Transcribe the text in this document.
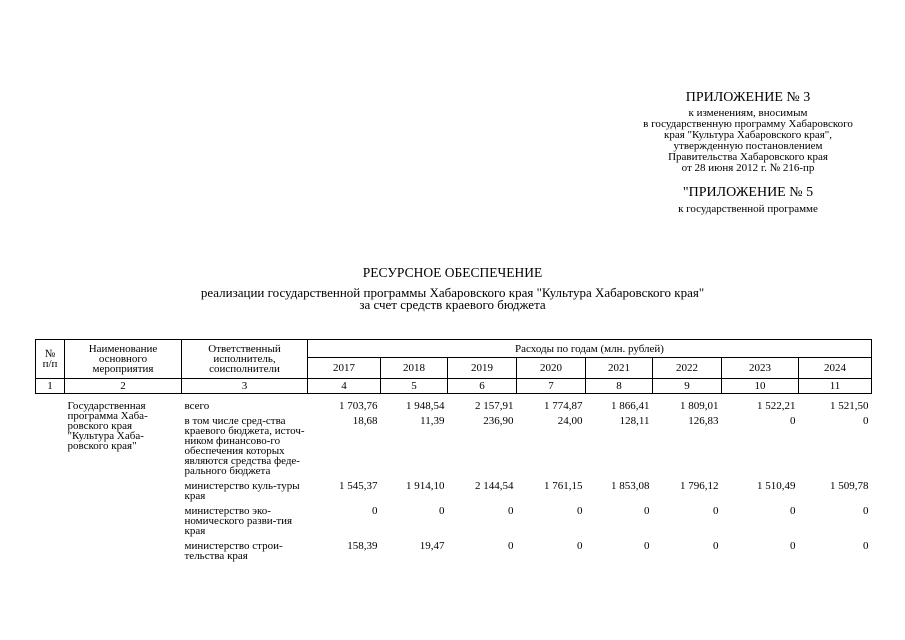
ПРИЛОЖЕНИЕ № 3
к изменениям, вносимым
в государственную программу Хабаровского
края "Культура Хабаровского края",
утвержденную постановлением
Правительства Хабаровского края
от 28 июня 2012 г. № 216-пр
"ПРИЛОЖЕНИЕ № 5
к государственной программе
РЕСУРСНОЕ ОБЕСПЕЧЕНИЕ
реализации государственной программы Хабаровского края "Культура Хабаровского края"
за счет средств краевого бюджета
№ п/п	Наименование основного мероприятия	Ответственный исполнитель, соисполнители	Расходы по годам (млн. рублей)							
			2017	2018	2019	2020	2021	2022	2023	2024
1	2	3	4	5	6	7	8	9	10	11
	Государственная программа Хаба-ровского края "Культура Хаба-ровского края"	всего	1 703,76	1 948,54	2 157,91	1 774,87	1 866,41	1 809,01	1 522,21	1 521,50
		в том числе сред-ства краевого бюджета, источ-ником финансово-го обеспечения которых являются средства феде-рального бюджета	18,68	11,39	236,90	24,00	128,11	126,83	0	0
		министерство куль-туры края	1 545,37	1 914,10	2 144,54	1 761,15	1 853,08	1 796,12	1 510,49	1 509,78
		министерство эко-номического разви-тия края	0	0	0	0	0	0	0	0
		министерство строи-тельства края	158,39	19,47	0	0	0	0	0	0
